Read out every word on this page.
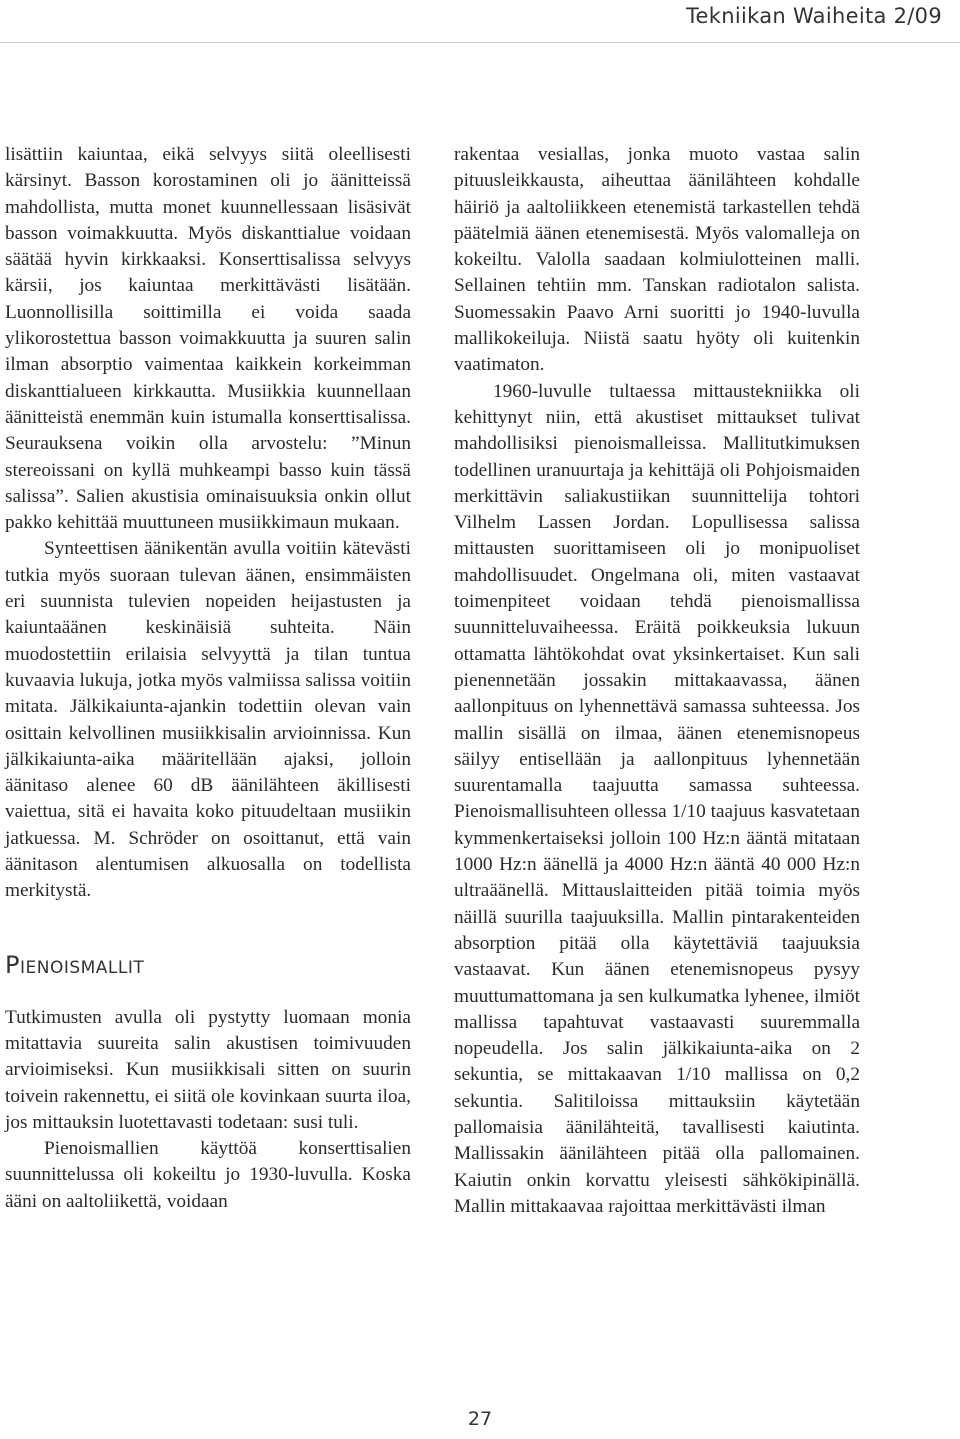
Tekniikan Waiheita 2/09

lisättiin kaiuntaa, eikä selvyys siitä oleellisesti kärsinyt. Basson korostaminen oli jo äänitteissä mahdollista, mutta monet kuunnellessaan lisäsivät basson voimakkuutta. Myös diskanttialue voidaan säätää hyvin kirkkaaksi. Konserttisalissa selvyys kärsii, jos kaiuntaa merkittävästi lisätään. Luonnollisilla soittimilla ei voida saada ylikorostettua basson voimakkuutta ja suuren salin ilman absorptio vaimentaa kaikkein korkeimman diskanttialueen kirkkautta. Musiikkia kuunnellaan äänitteistä enemmän kuin istumalla konserttisalissa. Seurauksena voikin olla arvostelu: ”Minun stereoissani on kyllä muhkeampi basso kuin tässä salissa”. Salien akustisia ominaisuuksia onkin ollut pakko kehittää muuttuneen musiikkimaun mukaan.

Synteettisen äänikentän avulla voitiin kätevästi tutkia myös suoraan tulevan äänen, ensimmäisten eri suunnista tulevien nopeiden heijastusten ja kaiuntaäänen keskinäisiä suhteita. Näin muodostettiin erilaisia selvyyttä ja tilan tuntua kuvaavia lukuja, jotka myös valmiissa salissa voitiin mitata. Jälkikaiunta-ajankin todettiin olevan vain osittain kelvollinen musiikkisalin arvioinnissa. Kun jälkikaiunta-aika määritellään ajaksi, jolloin äänitaso alenee 60 dB äänilähteen äkillisesti vaiettua, sitä ei havaita koko pituudeltaan musiikin jatkuessa. M. Schröder on osoittanut, että vain äänitason alentumisen alkuosalla on todellista merkitystä.

Pienoismallit

Tutkimusten avulla oli pystytty luomaan monia mitattavia suureita salin akustisen toimivuuden arvioimiseksi. Kun musiikkisali sitten on suurin toivein rakennettu, ei siitä ole kovinkaan suurta iloa, jos mittauksin luotettavasti todetaan: susi tuli.

Pienoismallien käyttöä konserttisalien suunnittelussa oli kokeiltu jo 1930-luvulla. Koska ääni on aaltoliikettä, voidaan

rakentaa vesiallas, jonka muoto vastaa salin pituusleikkausta, aiheuttaa äänilähteen kohdalle häiriö ja aaltoliikkeen etenemistä tarkastellen tehdä päätelmiä äänen etenemisestä. Myös valomalleja on kokeiltu. Valolla saadaan kolmiulotteinen malli. Sellainen tehtiin mm. Tanskan radiotalon salista. Suomessakin Paavo Arni suoritti jo 1940-luvulla mallikokeiluja. Niistä saatu hyöty oli kuitenkin vaatimaton.

1960-luvulle tultaessa mittaustekniikka oli kehittynyt niin, että akustiset mittaukset tulivat mahdollisiksi pienoismalleissa. Mallitutkimuksen todellinen uranuurtaja ja kehittäjä oli Pohjoismaiden merkittävin saliakustiikan suunnittelija tohtori Vilhelm Lassen Jordan. Lopullisessa salissa mittausten suorittamiseen oli jo monipuoliset mahdollisuudet. Ongelmana oli, miten vastaavat toimenpiteet voidaan tehdä pienoismallissa suunnitteluvaiheessa. Eräitä poikkeuksia lukuun ottamatta lähtökohdat ovat yksinkertaiset. Kun sali pienennetään jossakin mittakaavassa, äänen aallonpituus on lyhennettävä samassa suhteessa. Jos mallin sisällä on ilmaa, äänen etenemisnopeus säilyy entisellään ja aallonpituus lyhennetään suurentamalla taajuutta samassa suhteessa. Pienoismallisuhteen ollessa 1/10 taajuus kasvatetaan kymmenkertaiseksi jolloin 100 Hz:n ääntä mitataan 1000 Hz:n äänellä ja 4000 Hz:n ääntä 40 000 Hz:n ultraäänellä. Mittauslaitteiden pitää toimia myös näillä suurilla taajuuksilla. Mallin pintarakenteiden absorption pitää olla käytettäviä taajuuksia vastaavat. Kun äänen etenemisnopeus pysyy muuttumattomana ja sen kulkumatka lyhenee, ilmiöt mallissa tapahtuvat vastaavasti suuremmalla nopeudella. Jos salin jälkikaiunta-aika on 2 sekuntia, se mittakaavan 1/10 mallissa on 0,2 sekuntia. Salitiloissa mittauksiin käytetään pallomaisia äänilähteitä, tavallisesti kaiutinta. Mallissakin äänilähteen pitää olla pallomainen. Kaiutin onkin korvattu yleisesti sähkökipinällä. Mallin mittakaavaa rajoittaa merkittävästi ilman

27
